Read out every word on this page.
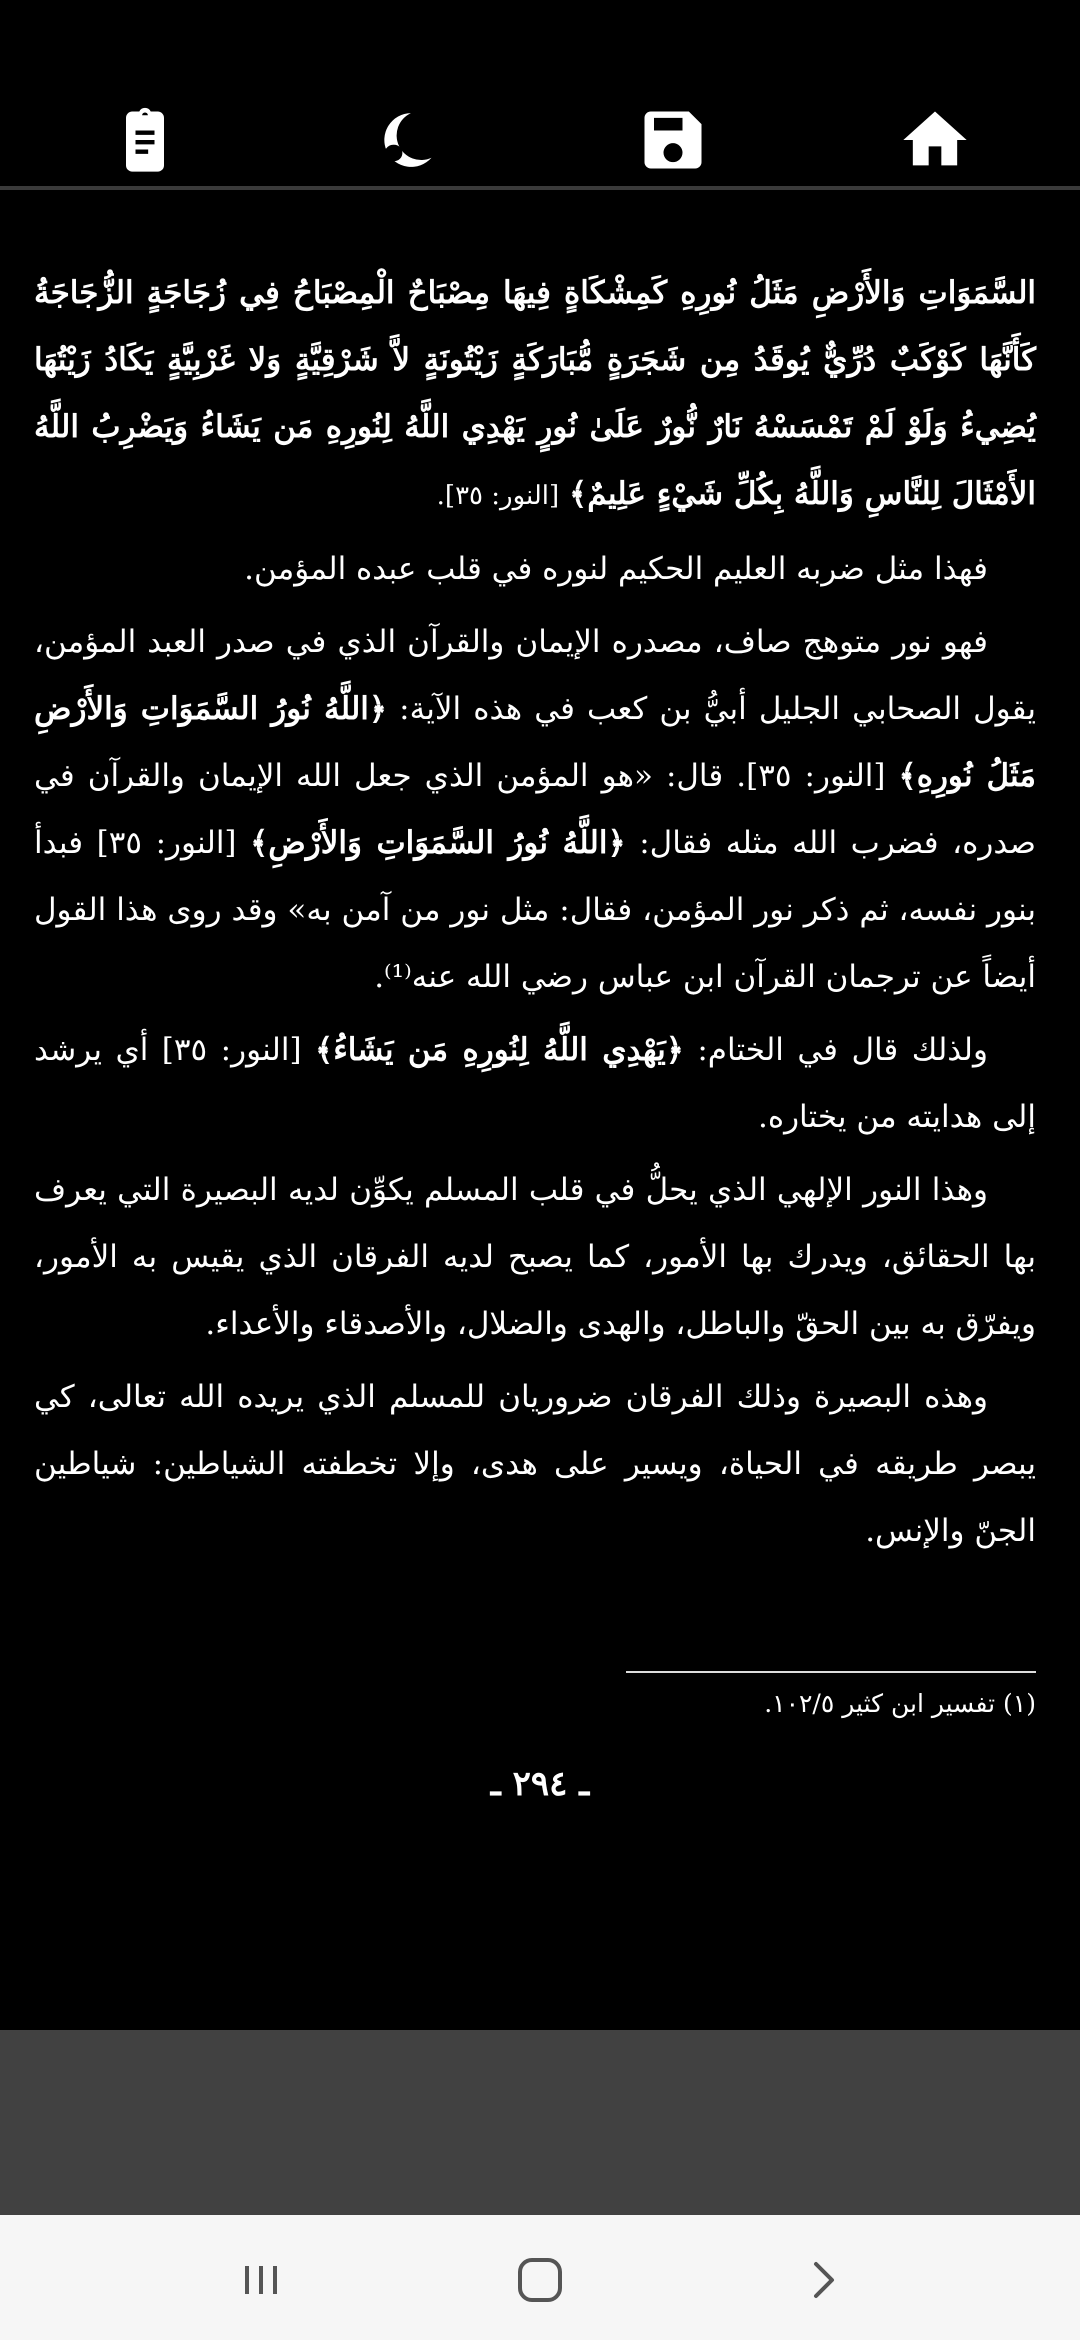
السَّمَوَاتِ وَالأَرْضِ مَثَلُ نُورِهِ كَمِشْكَاةٍ فِيهَا مِصْبَاحٌ الْمِصْبَاحُ فِي زُجَاجَةٍ الزُّجَاجَةُ كَأَنَّهَا كَوْكَبٌ دُرِّيٌّ يُوقَدُ مِن شَجَرَةٍ مُّبَارَكَةٍ زَيْتُونَةٍ لاَّ شَرْقِيَّةٍ وَلا غَرْبِيَّةٍ يَكَادُ زَيْتُهَا يُضِيءُ وَلَوْ لَمْ تَمْسَسْهُ نَارٌ نُّورٌ عَلَىٰ نُورٍ يَهْدِي اللَّهُ لِنُورِهِ مَن يَشَاءُ وَيَضْرِبُ اللَّهُ الأَمْثَالَ لِلنَّاسِ وَاللَّهُ بِكُلِّ شَيْءٍ عَلِيمٌ﴾ [النور: ٣٥].

فهذا مثل ضربه العليم الحكيم لنوره في قلب عبده المؤمن.

فهو نور متوهج صاف، مصدره الإيمان والقرآن الذي في صدر العبد المؤمن، يقول الصحابي الجليل أبيُّ بن كعب في هذه الآية: ﴿اللَّهُ نُورُ السَّمَوَاتِ وَالأَرْضِ مَثَلُ نُورِهِ﴾ [النور: ٣٥]. قال: «هو المؤمن الذي جعل الله الإيمان والقرآن في صدره، فضرب الله مثله فقال: ﴿اللَّهُ نُورُ السَّمَوَاتِ وَالأَرْضِ﴾ [النور: ٣٥] فبدأ بنور نفسه، ثم ذكر نور المؤمن، فقال: مثل نور من آمن به» وقد روى هذا القول أيضاً عن ترجمان القرآن ابن عباس رضي الله عنه⁽¹⁾.

ولذلك قال في الختام: ﴿يَهْدِي اللَّهُ لِنُورِهِ مَن يَشَاءُ﴾ [النور: ٣٥] أي يرشد إلى هدايته من يختاره.

وهذا النور الإلهي الذي يحلُّ في قلب المسلم يكوِّن لديه البصيرة التي يعرف بها الحقائق، ويدرك بها الأمور، كما يصبح لديه الفرقان الذي يقيس به الأمور، ويفرّق به بين الحقّ والباطل، والهدى والضلال، والأصدقاء والأعداء.

وهذه البصيرة وذلك الفرقان ضروريان للمسلم الذي يريده الله تعالى، كي يبصر طريقه في الحياة، ويسير على هدى، وإلا تخطفته الشياطين: شياطين الجنّ والإنس.

(١) تفسير ابن كثير ١٠٢/٥.
ـ ٢٩٤ ـ
